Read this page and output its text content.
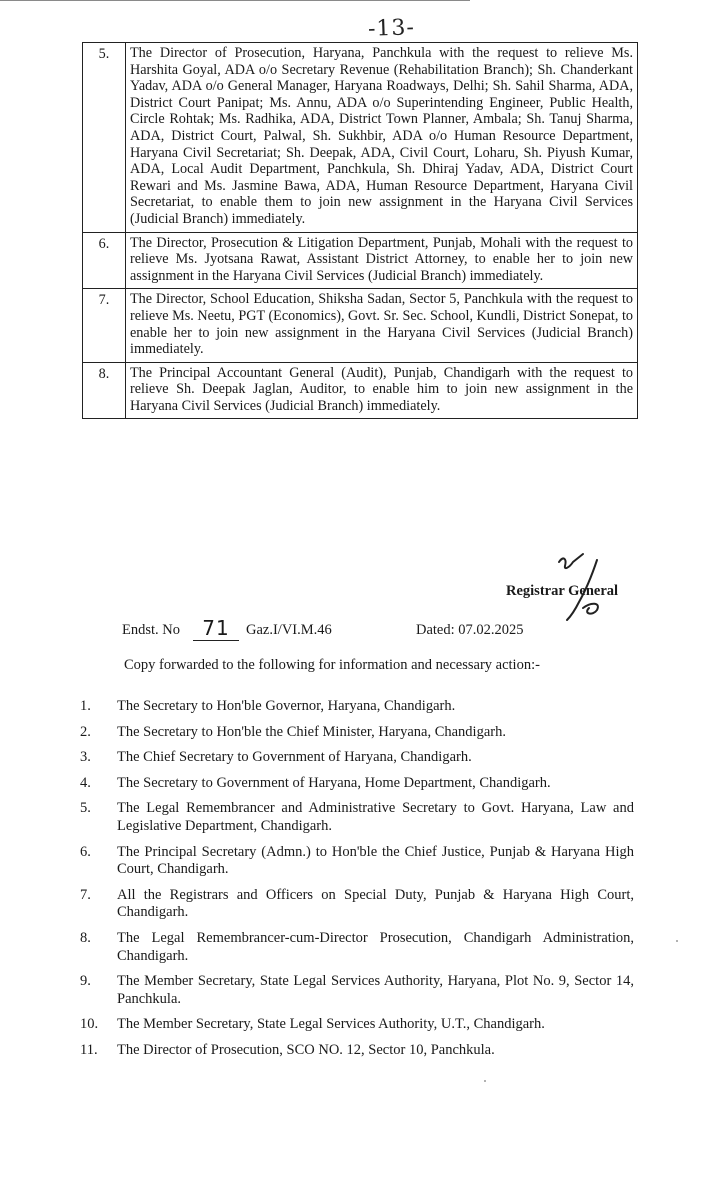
-13-
5.	The Director of Prosecution, Haryana, Panchkula with the request to relieve Ms. Harshita Goyal, ADA o/o Secretary Revenue (Rehabilitation Branch); Sh. Chanderkant Yadav, ADA o/o General Manager, Haryana Roadways, Delhi; Sh. Sahil Sharma, ADA, District Court Panipat; Ms. Annu, ADA o/o Superintending Engineer, Public Health, Circle Rohtak; Ms. Radhika, ADA, District Town Planner, Ambala; Sh. Tanuj Sharma, ADA, District Court, Palwal, Sh. Sukhbir, ADA o/o Human Resource Department, Haryana Civil Secretariat; Sh. Deepak, ADA, Civil Court, Loharu, Sh. Piyush Kumar, ADA, Local Audit Department, Panchkula, Sh. Dhiraj Yadav, ADA, District Court Rewari and Ms. Jasmine Bawa, ADA, Human Resource Department, Haryana Civil Secretariat, to enable them to join new assignment in the Haryana Civil Services (Judicial Branch) immediately.
6.	The Director, Prosecution & Litigation Department, Punjab, Mohali with the request to relieve Ms. Jyotsana Rawat, Assistant District Attorney, to enable her to join new assignment in the Haryana Civil Services (Judicial Branch) immediately.
7.	The Director, School Education, Shiksha Sadan, Sector 5, Panchkula with the request to relieve Ms. Neetu, PGT (Economics), Govt. Sr. Sec. School, Kundli, District Sonepat, to enable her to join new assignment in the Haryana Civil Services (Judicial Branch) immediately.
8.	The Principal Accountant General (Audit), Punjab, Chandigarh with the request to relieve Sh. Deepak Jaglan, Auditor, to enable him to join new assignment in the Haryana Civil Services (Judicial Branch) immediately.
Registrar General
Endst. No	71	Gaz.I/VI.M.46	Dated: 07.02.2025
Copy forwarded to the following for information and necessary action:-
1.	The Secretary to Hon'ble Governor, Haryana, Chandigarh.
2.	The Secretary to Hon'ble the Chief Minister, Haryana, Chandigarh.
3.	The Chief Secretary to Government of Haryana, Chandigarh.
4.	The Secretary to Government of Haryana, Home Department, Chandigarh.
5.	The Legal Remembrancer and Administrative Secretary to Govt. Haryana, Law and Legislative Department, Chandigarh.
6.	The Principal Secretary (Admn.) to Hon'ble the Chief Justice, Punjab & Haryana High Court, Chandigarh.
7.	All the Registrars and Officers on Special Duty, Punjab & Haryana High Court, Chandigarh.
8.	The Legal Remembrancer-cum-Director Prosecution, Chandigarh Administration, Chandigarh.
9.	The Member Secretary, State Legal Services Authority, Haryana, Plot No. 9, Sector 14, Panchkula.
10.	The Member Secretary, State Legal Services Authority, U.T., Chandigarh.
11.	The Director of Prosecution, SCO NO. 12, Sector 10, Panchkula.
